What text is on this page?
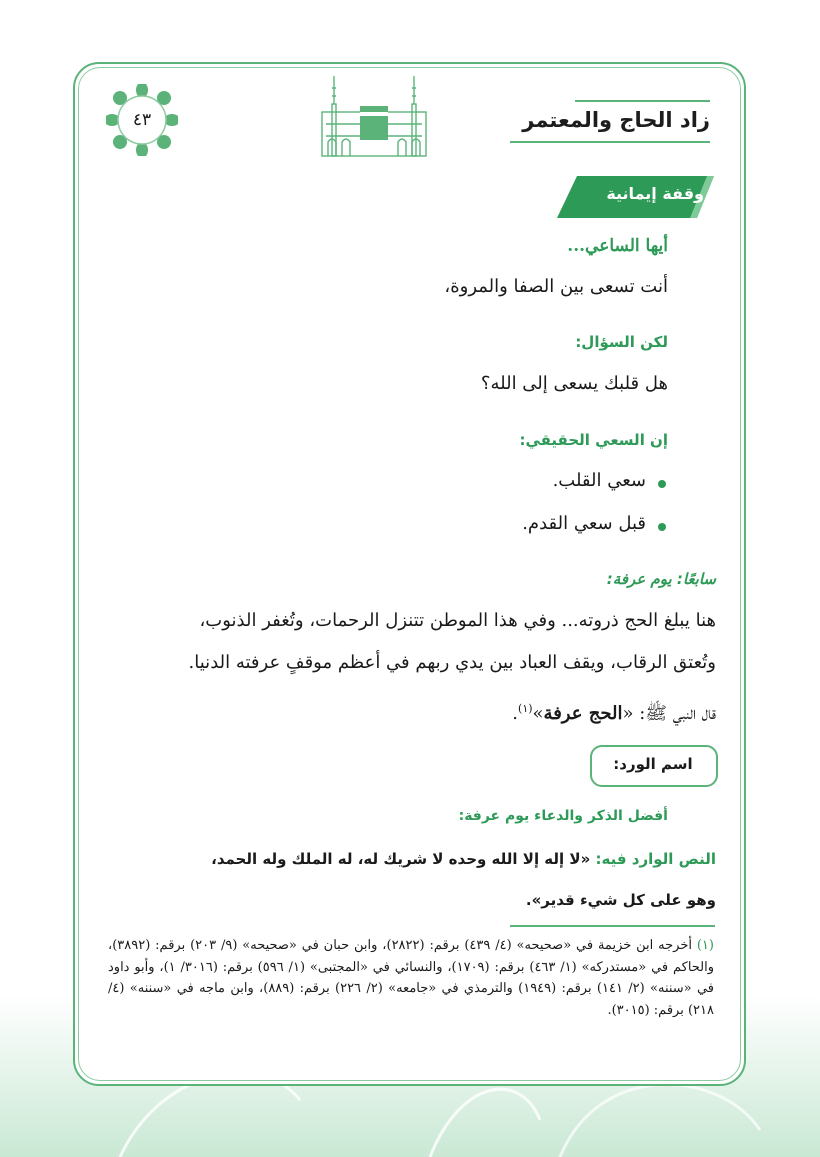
زاد الحاج والمعتمر
٤٣
وقفة إيمانية
أيها الساعي...
أنت تسعى بين الصفا والمروة،
لكن السؤال:
هل قلبك يسعى إلى الله؟
إن السعي الحقيقي:
سعي القلب.
قبل سعي القدم.
سابعًا: يوم عرفة:
هنا يبلغ الحج ذروته... وفي هذا الموطن تتنزل الرحمات، وتُغفر الذنوب،
وتُعتق الرقاب، ويقف العباد بين يدي ربهم في أعظم موقفٍ عرفته الدنيا.
قال النبي ﷺ: «الحج عرفة»$^{(١)}$.
اسم الورد:
أفضل الذكر والدعاء يوم عرفة:
النص الوارد فيه: «لا إله إلا الله وحده لا شريك له، له الملك وله الحمد،
وهو على كل شيء قدير».
(١) أخرجه ابن خزيمة في «صحيحه» (٤/ ٤٣٩) برقم: (٢٨٢٢)، وابن حبان في «صحيحه» (٩/ ٢٠٣) برقم: (٣٨٩٢)، والحاكم في «مستدركه» (١/ ٤٦٣) برقم: (١٧٠٩)، والنسائي في «المجتبى» (١/ ٥٩٦) برقم: (٣٠١٦/ ١)، وأبو داود في «سننه» (٢/ ١٤١) برقم: (١٩٤٩) والترمذي في «جامعه» (٢/ ٢٢٦) برقم: (٨٨٩)، وابن ماجه في «سننه» (٤/ ٢١٨) برقم: (٣٠١٥).
